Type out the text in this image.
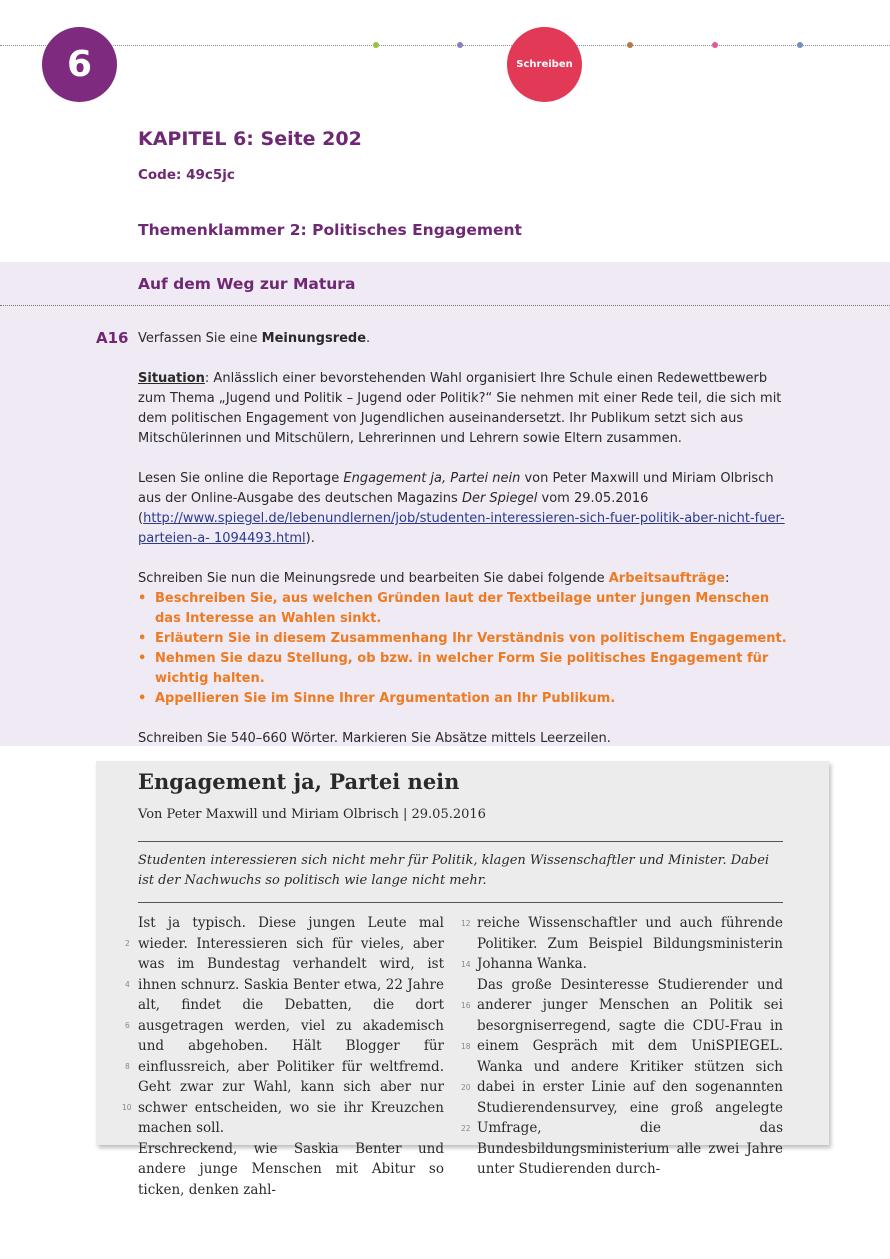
6	Schreiben
KAPITEL 6: Seite 202
Code: 49c5jc
Themenklammer 2: Politisches Engagement
Auf dem Weg zur Matura
A16 Verfassen Sie eine Meinungsrede.

Situation: Anlässlich einer bevorstehenden Wahl organisiert Ihre Schule einen Redewettbewerb zum Thema „Jugend und Politik – Jugend oder Politik?“ Sie nehmen mit einer Rede teil, die sich mit dem politischen Engagement von Jugendlichen auseinandersetzt. Ihr Publikum setzt sich aus Mitschülerinnen und Mitschülern, Lehrerinnen und Lehrern sowie Eltern zusammen.

Lesen Sie online die Reportage Engagement ja, Partei nein von Peter Maxwill und Miriam Olbrisch aus der Online-Ausgabe des deutschen Magazins Der Spiegel vom 29.05.2016 (http://www.spiegel.de/lebenundlernen/job/studenten-interessieren-sich-fuer-politik-aber-nicht-fuer-parteien-a- 1094493.html).

Schreiben Sie nun die Meinungsrede und bearbeiten Sie dabei folgende Arbeitsaufträge:

• Beschreiben Sie, aus welchen Gründen laut der Textbeilage unter jungen Menschen das Interesse an Wahlen sinkt.
• Erläutern Sie in diesem Zusammenhang Ihr Verständnis von politischem Engagement.
• Nehmen Sie dazu Stellung, ob bzw. in welcher Form Sie politisches Engagement für wichtig halten.
• Appellieren Sie im Sinne Ihrer Argumentation an Ihr Publikum.

Schreiben Sie 540–660 Wörter. Markieren Sie Absätze mittels Leerzeilen.

Engagement ja, Partei nein
Von Peter Maxwill und Miriam Olbrisch | 29.05.2016
Studenten interessieren sich nicht mehr für Politik, klagen Wissenschaftler und Minister. Dabei ist der Nachwuchs so politisch wie lange nicht mehr.

Ist ja typisch. Diese jungen Leute mal wieder. Interessieren sich für vieles, aber was im Bundestag verhandelt wird, ist ihnen schnurz. Saskia Benter etwa, 22 Jahre alt, findet die Debatten, die dort ausgetragen werden, viel zu akademisch und abgehoben. Hält Blogger für einflussreich, aber Politiker für weltfremd. Geht zwar zur Wahl, kann sich aber nur schwer entscheiden, wo sie ihr Kreuzchen machen soll.

Erschreckend, wie Saskia Benter und andere junge Menschen mit Abitur so ticken, denken zahl-

reiche Wissenschaftler und auch führende Politiker. Zum Beispiel Bildungsministerin Johanna Wanka.

Das große Desinteresse Studierender und anderer junger Menschen an Politik sei besorgniserregend, sagte die CDU-Frau in einem Gespräch mit dem UniSPIEGEL. Wanka und andere Kritiker stützen sich dabei in erster Linie auf den sogenannten Studierendensurvey, eine groß angelegte Umfrage, die das Bundesbildungsministerium alle zwei Jahre unter Studierenden durch-

2
4
6
8
10
12
14
16
18
20
22
